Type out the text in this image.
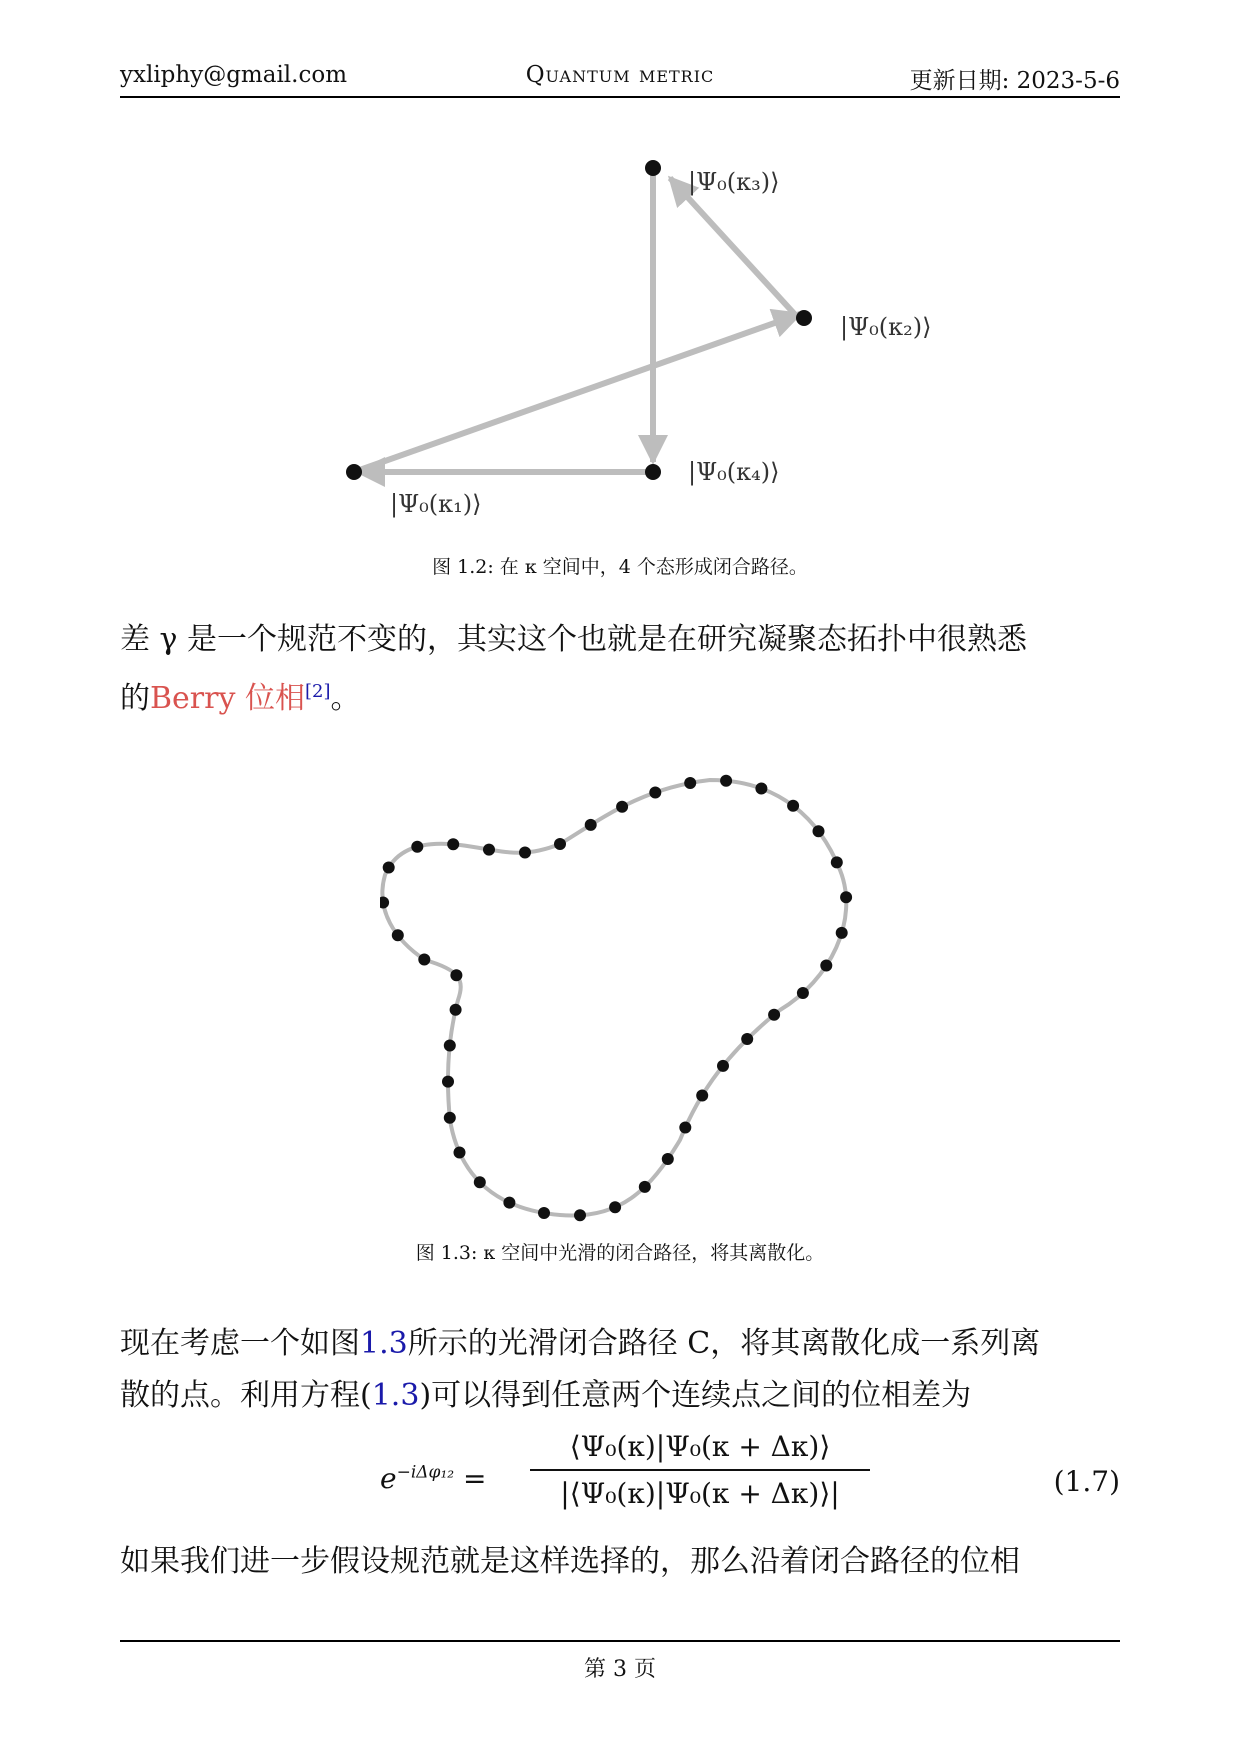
yxliphy@gmail.com	Quantum metric	更新日期: 2023-5-6
|Ψ₀(κ₁)⟩
|Ψ₀(κ₂)⟩
|Ψ₀(κ₃)⟩
|Ψ₀(κ₄)⟩
图 1.2: 在 κ 空间中，4 个态形成闭合路径。
差 γ 是一个规范不变的，其实这个也就是在研究凝聚态拓扑中很熟悉
的Berry 位相[2]。
图 1.3: κ 空间中光滑的闭合路径，将其离散化。
现在考虑一个如图1.3所示的光滑闭合路径 C，将其离散化成一系列离
散的点。利用方程(1.3)可以得到任意两个连续点之间的位相差为
$e^{-i\Delta\varphi_{12}} = \frac{\text{⟨Ψ₀(κ)|Ψ₀(κ + Δκ)⟩}}{\text{|⟨Ψ₀(κ)|Ψ₀(κ + Δκ)⟩|}}$	(1.7)
如果我们进一步假设规范就是这样选择的，那么沿着闭合路径的位相
第 3 页
